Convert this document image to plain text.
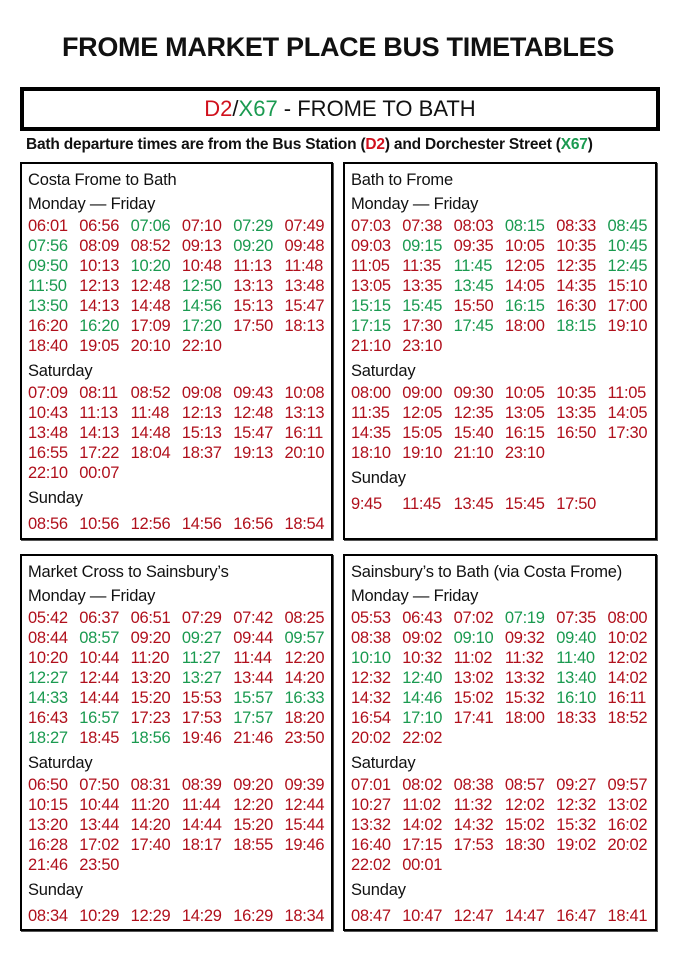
FROME MARKET PLACE BUS TIMETABLES
D2/X67 - FROME TO BATH
Bath departure times are from the Bus Station (D2) and Dorchester Street (X67)
Costa Frome to Bath
Monday — Friday
06:01 06:56 07:06 07:10 07:29 07:49
07:56 08:09 08:52 09:13 09:20 09:48
09:50 10:13 10:20 10:48 11:13 11:48
11:50 12:13 12:48 12:50 13:13 13:48
13:50 14:13 14:48 14:56 15:13 15:47
16:20 16:20 17:09 17:20 17:50 18:13
18:40 19:05 20:10 22:10
Saturday
07:09 08:11 08:52 09:08 09:43 10:08
10:43 11:13 11:48 12:13 12:48 13:13
13:48 14:13 14:48 15:13 15:47 16:11
16:55 17:22 18:04 18:37 19:13 20:10
22:10 00:07
Sunday
08:56 10:56 12:56 14:56 16:56 18:54
Bath to Frome
Monday — Friday
07:03 07:38 08:03 08:15 08:33 08:45
09:03 09:15 09:35 10:05 10:35 10:45
11:05 11:35 11:45 12:05 12:35 12:45
13:05 13:35 13:45 14:05 14:35 15:10
15:15 15:45 15:50 16:15 16:30 17:00
17:15 17:30 17:45 18:00 18:15 19:10
21:10 23:10
Saturday
08:00 09:00 09:30 10:05 10:35 11:05
11:35 12:05 12:35 13:05 13:35 14:05
14:35 15:05 15:40 16:15 16:50 17:30
18:10 19:10 21:10 23:10
Sunday
9:45	11:45 13:45 15:45 17:50
Market Cross to Sainsbury’s
Monday — Friday
05:42 06:37 06:51 07:29 07:42 08:25
08:44 08:57 09:20 09:27 09:44 09:57
10:20 10:44 11:20 11:27 11:44 12:20
12:27 12:44 13:20 13:27 13:44 14:20
14:33 14:44 15:20 15:53 15:57 16:33
16:43 16:57 17:23 17:53 17:57 18:20
18:27 18:45 18:56 19:46 21:46 23:50
Saturday
06:50 07:50 08:31 08:39 09:20 09:39
10:15 10:44 11:20 11:44 12:20 12:44
13:20 13:44 14:20 14:44 15:20 15:44
16:28 17:02 17:40 18:17 18:55 19:46
21:46 23:50
Sunday
08:34 10:29 12:29 14:29 16:29 18:34
Sainsbury’s to Bath (via Costa Frome)
Monday — Friday
05:53 06:43 07:02 07:19 07:35 08:00
08:38 09:02 09:10 09:32 09:40 10:02
10:10 10:32 11:02 11:32 11:40 12:02
12:32 12:40 13:02 13:32 13:40 14:02
14:32 14:46 15:02 15:32 16:10 16:11
16:54 17:10 17:41 18:00 18:33 18:52
20:02 22:02
Saturday
07:01 08:02 08:38 08:57 09:27 09:57
10:27 11:02 11:32 12:02 12:32 13:02
13:32 14:02 14:32 15:02 15:32 16:02
16:40 17:15 17:53 18:30 19:02 20:02
22:02 00:01
Sunday
08:47 10:47 12:47 14:47 16:47 18:41
